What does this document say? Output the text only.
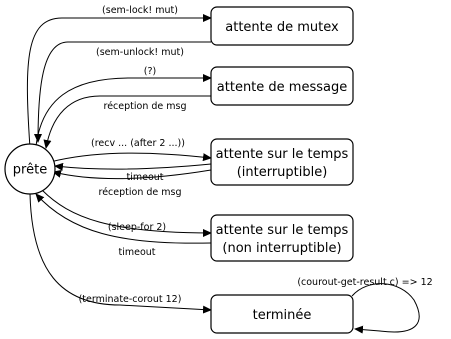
prête
attente de mutex
attente de message
attente sur le temps
(interruptible)
attente sur le temps
(non interruptible)
terminée
(sem-lock! mut)
(sem-unlock! mut)
(?)
réception de msg
(recv ... (after 2 ...))
timeout
réception de msg
(sleep-for 2)
timeout
(terminate-corout 12)
(courout-get-result c) => 12
